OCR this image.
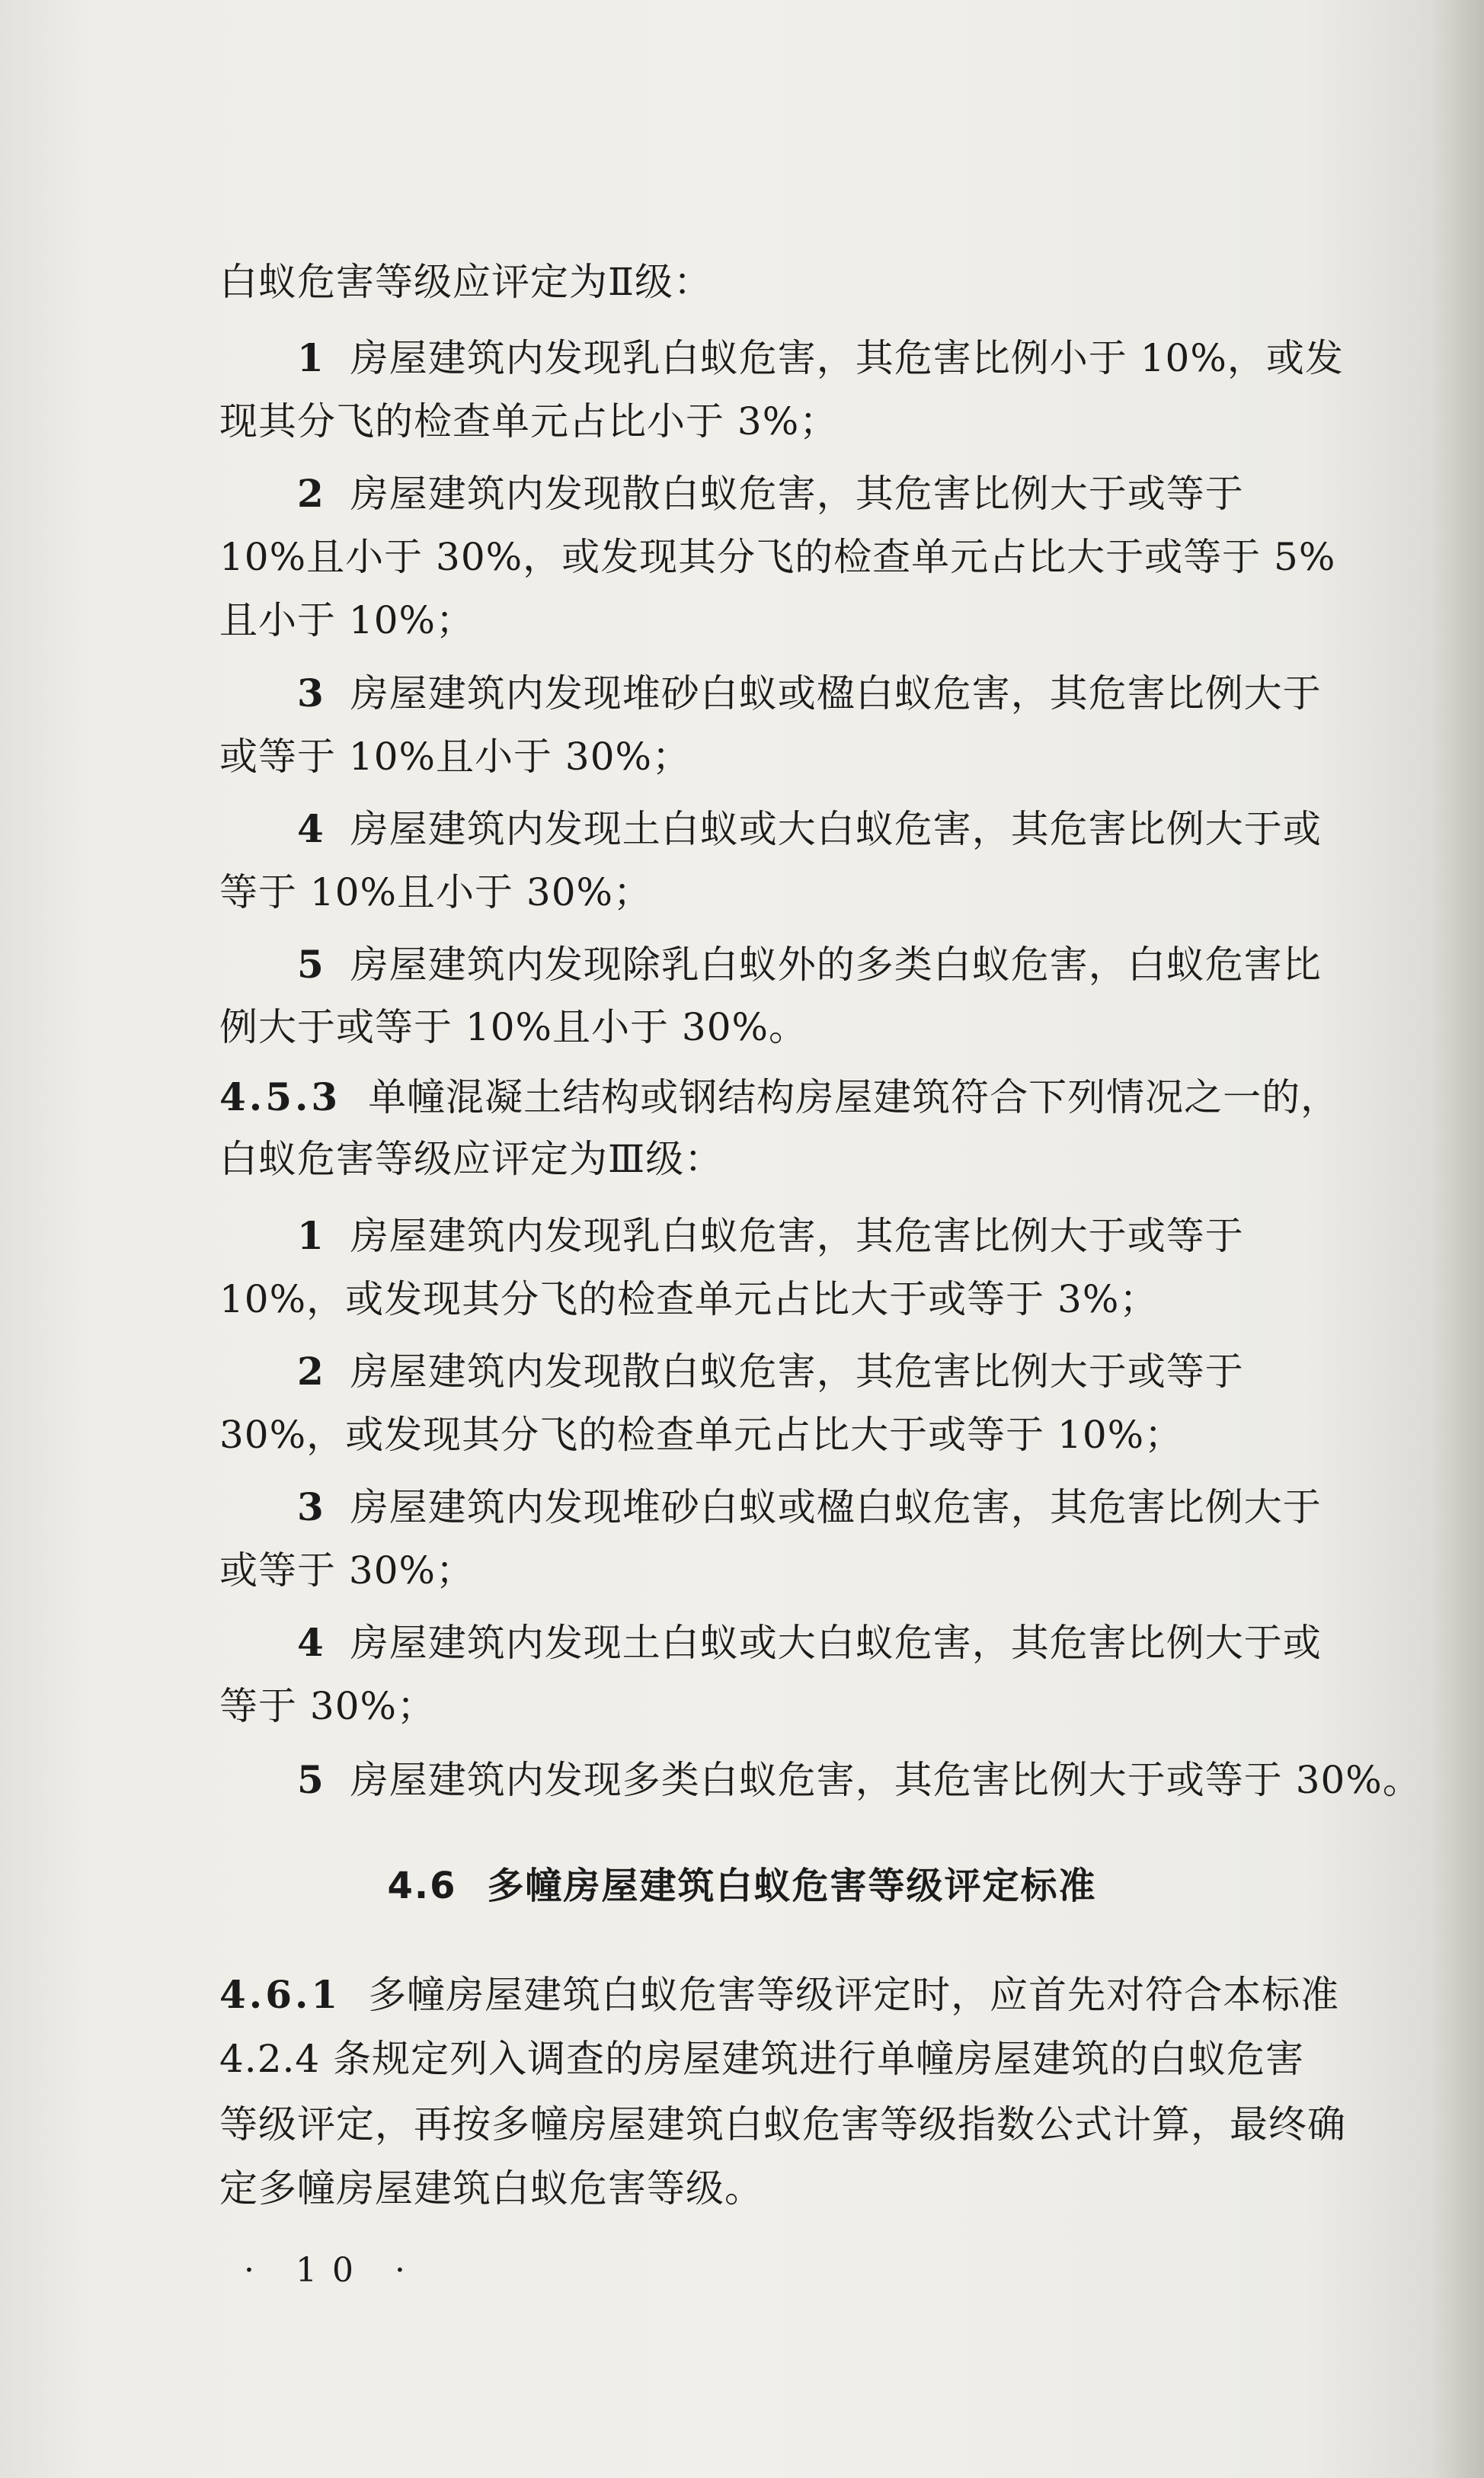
白蚁危害等级应评定为Ⅱ级：
1 房屋建筑内发现乳白蚁危害，其危害比例小于 10%，或发
现其分飞的检查单元占比小于 3%；
2 房屋建筑内发现散白蚁危害，其危害比例大于或等于
10%且小于 30%，或发现其分飞的检查单元占比大于或等于 5%
且小于 10%；
3 房屋建筑内发现堆砂白蚁或楹白蚁危害，其危害比例大于
或等于 10%且小于 30%；
4 房屋建筑内发现土白蚁或大白蚁危害，其危害比例大于或
等于 10%且小于 30%；
5 房屋建筑内发现除乳白蚁外的多类白蚁危害，白蚁危害比
例大于或等于 10%且小于 30%。
4.5.3 单幢混凝土结构或钢结构房屋建筑符合下列情况之一的，
白蚁危害等级应评定为Ⅲ级：
1 房屋建筑内发现乳白蚁危害，其危害比例大于或等于
10%，或发现其分飞的检查单元占比大于或等于 3%；
2 房屋建筑内发现散白蚁危害，其危害比例大于或等于
30%，或发现其分飞的检查单元占比大于或等于 10%；
3 房屋建筑内发现堆砂白蚁或楹白蚁危害，其危害比例大于
或等于 30%；
4 房屋建筑内发现土白蚁或大白蚁危害，其危害比例大于或
等于 30%；
5 房屋建筑内发现多类白蚁危害，其危害比例大于或等于 30%。
4.6 多幢房屋建筑白蚁危害等级评定标准
4.6.1 多幢房屋建筑白蚁危害等级评定时，应首先对符合本标准
4.2.4 条规定列入调查的房屋建筑进行单幢房屋建筑的白蚁危害
等级评定，再按多幢房屋建筑白蚁危害等级指数公式计算，最终确
定多幢房屋建筑白蚁危害等级。
· 10 ·
